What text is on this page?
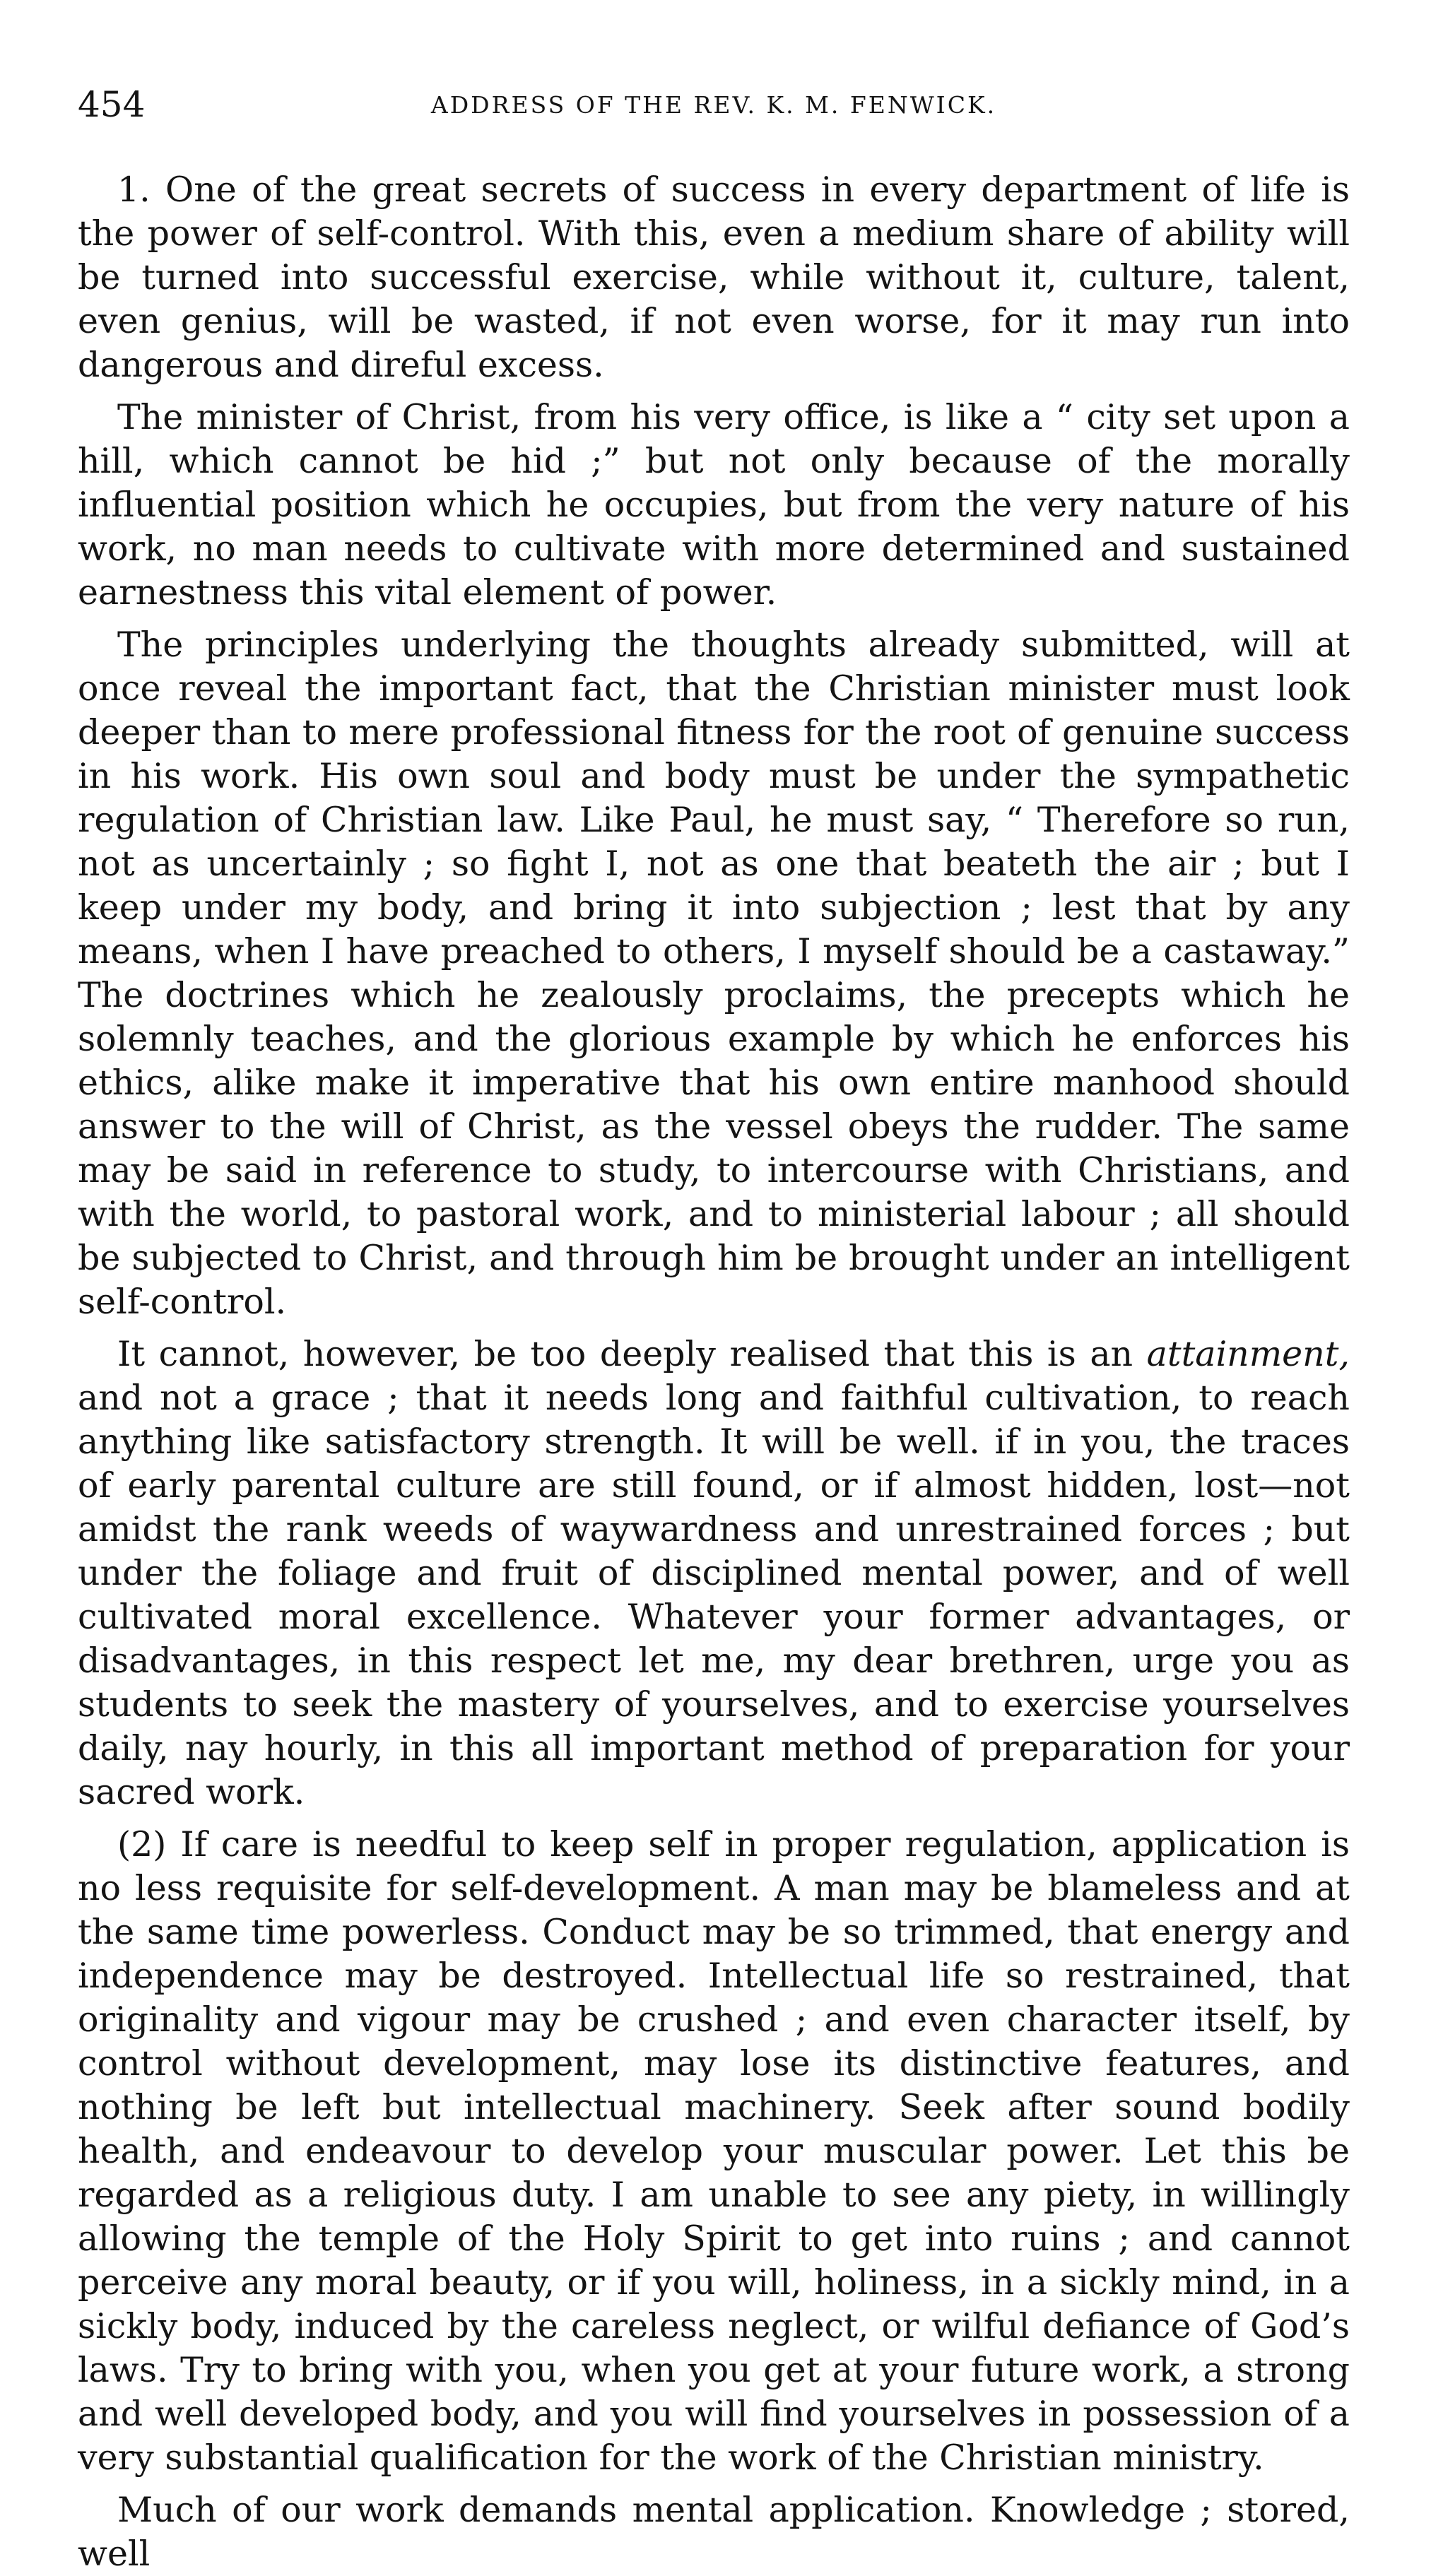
454	ADDRESS OF THE REV. K. M. FENWICK.

1. One of the great secrets of success in every department of life is the power of self-control. With this, even a medium share of ability will be turned into successful exercise, while without it, culture, talent, even genius, will be wasted, if not even worse, for it may run into dangerous and direful excess.

The minister of Christ, from his very office, is like a “ city set upon a hill, which cannot be hid ;” but not only because of the morally influential position which he occupies, but from the very nature of his work, no man needs to cultivate with more determined and sustained earnestness this vital element of power.

The principles underlying the thoughts already submitted, will at once reveal the important fact, that the Christian minister must look deeper than to mere professional fitness for the root of genuine success in his work. His own soul and body must be under the sympathetic regulation of Christian law. Like Paul, he must say, “ Therefore so run, not as uncertainly ; so fight I, not as one that beateth the air ; but I keep under my body, and bring it into subjection ; lest that by any means, when I have preached to others, I myself should be a castaway.” The doctrines which he zealously proclaims, the precepts which he solemnly teaches, and the glorious example by which he enforces his ethics, alike make it imperative that his own entire manhood should answer to the will of Christ, as the vessel obeys the rudder. The same may be said in reference to study, to intercourse with Christians, and with the world, to pastoral work, and to ministerial labour ; all should be subjected to Christ, and through him be brought under an intelligent self-control.

It cannot, however, be too deeply realised that this is an attainment, and not a grace ; that it needs long and faithful cultivation, to reach anything like satisfactory strength. It will be well. if in you, the traces of early parental culture are still found, or if almost hidden, lost—not amidst the rank weeds of waywardness and unrestrained forces ; but under the foliage and fruit of disciplined mental power, and of well cultivated moral excellence. Whatever your former advantages, or disadvantages, in this respect let me, my dear brethren, urge you as students to seek the mastery of yourselves, and to exercise yourselves daily, nay hourly, in this all important method of preparation for your sacred work.

(2) If care is needful to keep self in proper regulation, application is no less requisite for self-development. A man may be blameless and at the same time powerless. Conduct may be so trimmed, that energy and independence may be destroyed. Intellectual life so restrained, that originality and vigour may be crushed ; and even character itself, by control without development, may lose its distinctive features, and nothing be left but intellectual machinery. Seek after sound bodily health, and endeavour to develop your muscular power. Let this be regarded as a religious duty. I am unable to see any piety, in willingly allowing the temple of the Holy Spirit to get into ruins ; and cannot perceive any moral beauty, or if you will, holiness, in a sickly mind, in a sickly body, induced by the careless neglect, or wilful defiance of God’s laws. Try to bring with you, when you get at your future work, a strong and well developed body, and you will find yourselves in possession of a very substantial qualification for the work of the Christian ministry.

Much of our work demands mental application. Knowledge ; stored, well
